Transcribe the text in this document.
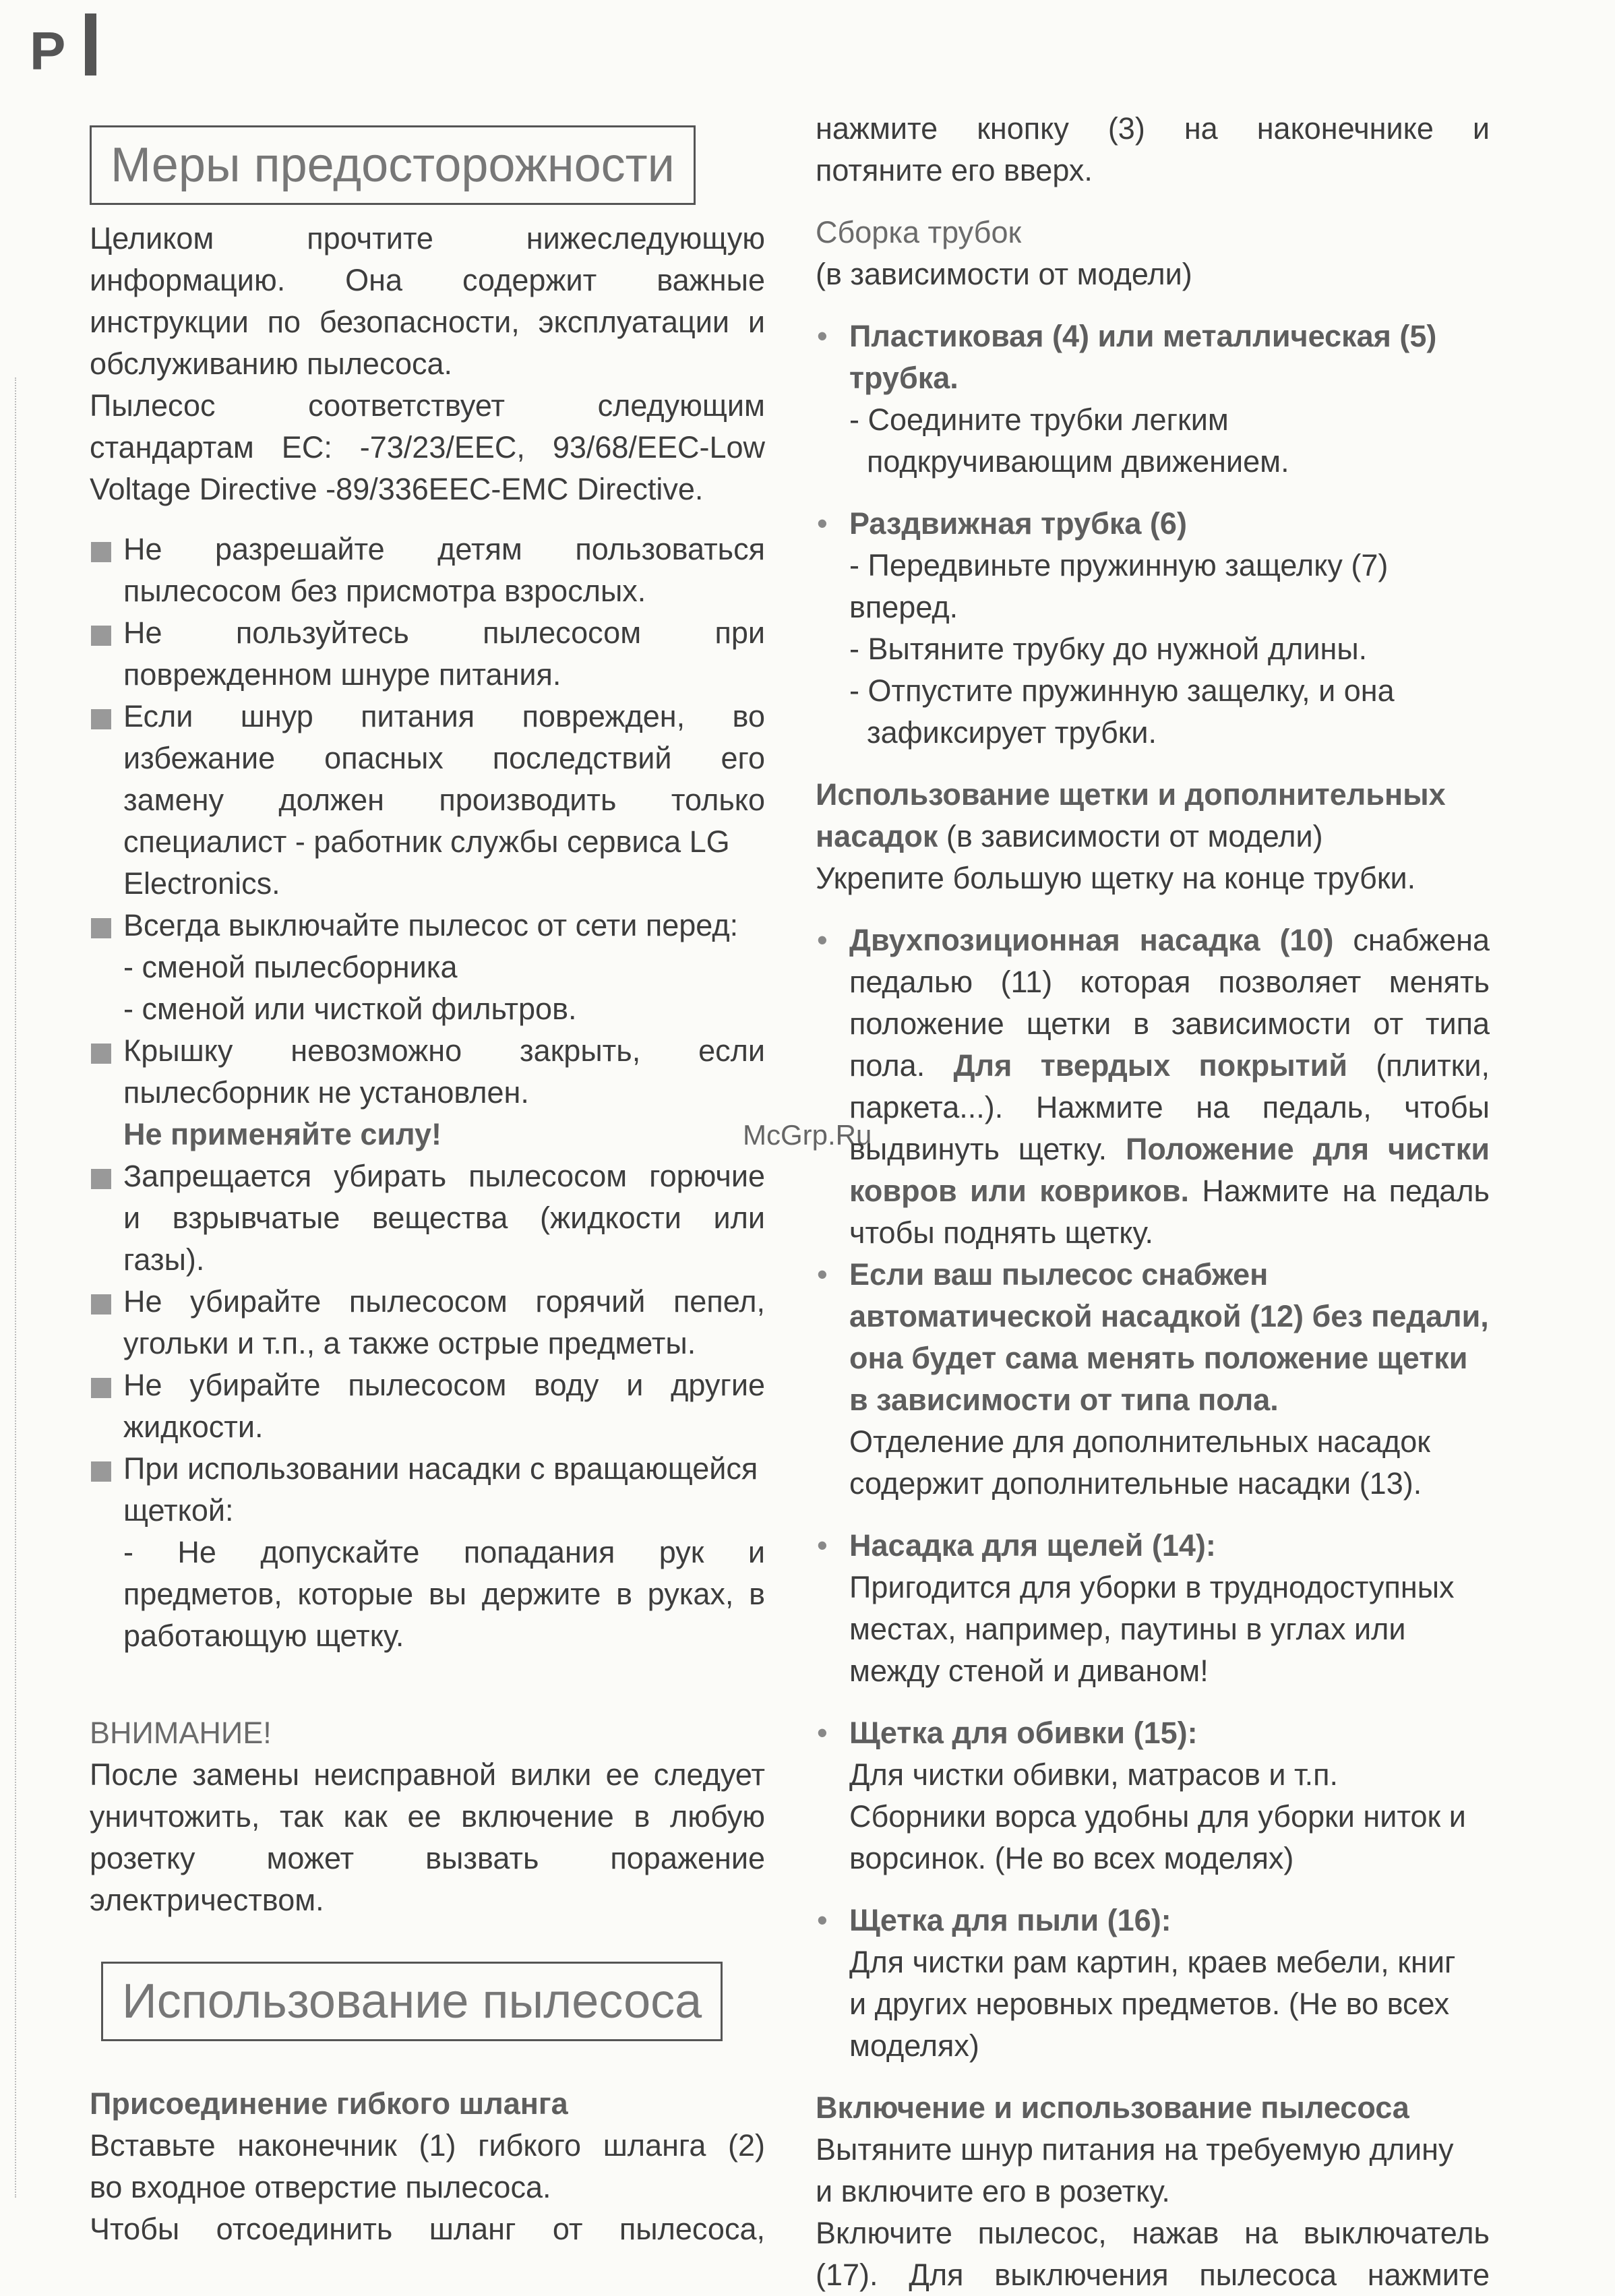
P
McGrp.Ru
Меры предосторожности

Целиком прочтите нижеследующую

информацию. Она содержит важные

инструкции по безопасности, эксплуатации и

обслуживанию пылесоса.

Пылесос соответствует следующим

стандартам ЕС: -73/23/EEC, 93/68/EEC-Low

Voltage Directive -89/336EEC-EMC Directive.

Не разрешайте детям пользоваться

пылесосом без присмотра взрослых.

Не пользуйтесь пылесосом при

поврежденном шнуре питания.

Если шнур питания поврежден, во

избежание опасных последствий его

замену должен производить только

специалист - работник службы сервиса LG

Electronics.

Всегда выключайте пылесос от сети перед:

- сменой пылесборника

- сменой или чисткой фильтров.

Крышку невозможно закрыть, если

пылесборник не установлен.

Не применяйте силу!

Запрещается убирать пылесосом горючие

и взрывчатые вещества (жидкости или

газы).

Не убирайте пылесосом горячий пепел,

угольки и т.п., а также острые предметы.

Не убирайте пылесосом воду и другие

жидкости.

При использовании насадки с вращающейся

щеткой:

- Не допускайте попадания рук и

предметов, которые вы держите в руках, в

работающую щетку.

ВНИМАНИЕ!

После замены неисправной вилки ее следует

уничтожить, так как ее включение в любую

розетку может вызвать поражение

электричеством.

Использование пылесоса

Присоединение гибкого шланга

Вставьте наконечник (1) гибкого шланга (2)

во входное отверстие пылесоса.

Чтобы отсоединить шланг от пылесоса,

нажмите кнопку (3) на наконечнике и

потяните его вверх.

Сборка трубок

(в зависимости от модели)

• Пластиковая (4) или металлическая (5)

трубка.

- Соедините трубки легким

подкручивающим движением.

• Раздвижная трубка (6)

- Передвиньте пружинную защелку (7) вперед.

- Вытяните трубку до нужной длины.

- Отпустите пружинную защелку, и она

зафиксирует трубки.

Использование щетки и дополнительных

насадок (в зависимости от модели)

Укрепите большую щетку на конце трубки.

• Двухпозиционная насадка (10) снабжена

педалью (11) которая позволяет менять

положение щетки в зависимости от типа

пола. Для твердых покрытий (плитки,

паркета...). Нажмите на педаль, чтобы

выдвинуть щетку. Положение для чистки

ковров или ковриков. Нажмите на педаль

чтобы поднять щетку.

• Если ваш пылесос снабжен

автоматической насадкой (12) без педали,

она будет сама менять положение щетки

в зависимости от типа пола.

Отделение для дополнительных насадок

содержит дополнительные насадки (13).

• Насадка для щелей (14):

Пригодится для уборки в труднодоступных

местах, например, паутины в углах или

между стеной и диваном!

• Щетка для обивки (15):

Для чистки обивки, матрасов и т.п.

Сборники ворса удобны для уборки ниток и

ворсинок. (Не во всех моделях)

• Щетка для пыли (16):

Для чистки рам картин, краев мебели, книг

и других неровных предметов. (Не во всех

моделях)

Включение и использование пылесоса

Вытяните шнур питания на требуемую длину

и включите его в розетку.

Включите пылесос, нажав на выключатель

(17). Для выключения пылесоса нажмите
